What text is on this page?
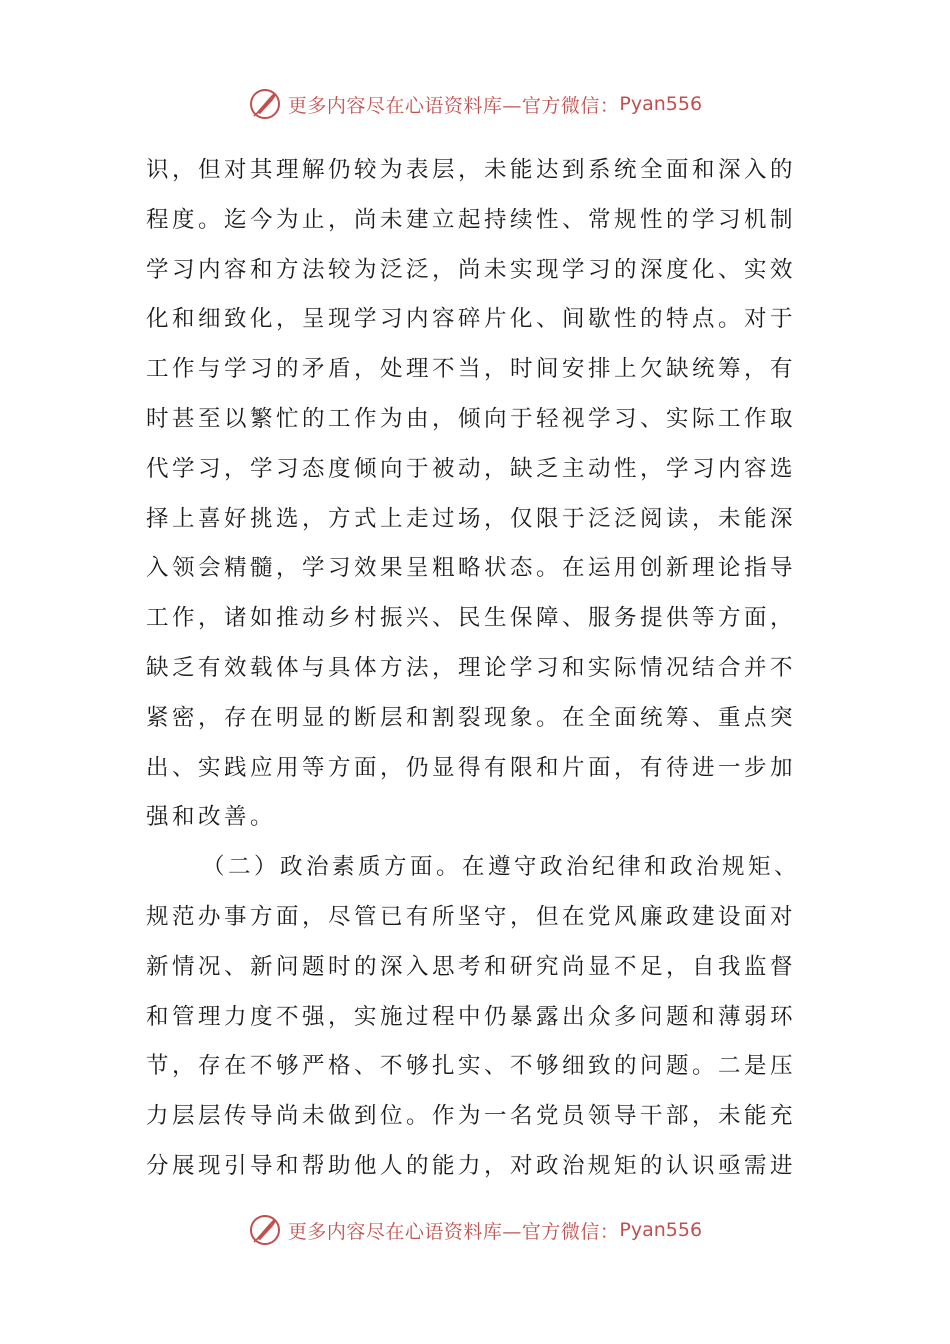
更多内容尽在心语资料库—官方微信： Pyan556
识，但对其理解仍较为表层，未能达到系统全面和深入的
程度。迄今为止，尚未建立起持续性、常规性的学习机制
学习内容和方法较为泛泛，尚未实现学习的深度化、实效
化和细致化，呈现学习内容碎片化、间歇性的特点。对于
工作与学习的矛盾，处理不当，时间安排上欠缺统筹，有
时甚至以繁忙的工作为由，倾向于轻视学习、实际工作取
代学习，学习态度倾向于被动，缺乏主动性，学习内容选
择上喜好挑选，方式上走过场，仅限于泛泛阅读，未能深
入领会精髓，学习效果呈粗略状态。在运用创新理论指导
工作，诸如推动乡村振兴、民生保障、服务提供等方面，
缺乏有效载体与具体方法，理论学习和实际情况结合并不
紧密，存在明显的断层和割裂现象。在全面统筹、重点突
出、实践应用等方面，仍显得有限和片面，有待进一步加
强和改善。
（二）政治素质方面。在遵守政治纪律和政治规矩、
规范办事方面，尽管已有所坚守，但在党风廉政建设面对
新情况、新问题时的深入思考和研究尚显不足，自我监督
和管理力度不强，实施过程中仍暴露出众多问题和薄弱环
节，存在不够严格、不够扎实、不够细致的问题。二是压
力层层传导尚未做到位。作为一名党员领导干部，未能充
分展现引导和帮助他人的能力，对政治规矩的认识亟需进
更多内容尽在心语资料库—官方微信： Pyan556
